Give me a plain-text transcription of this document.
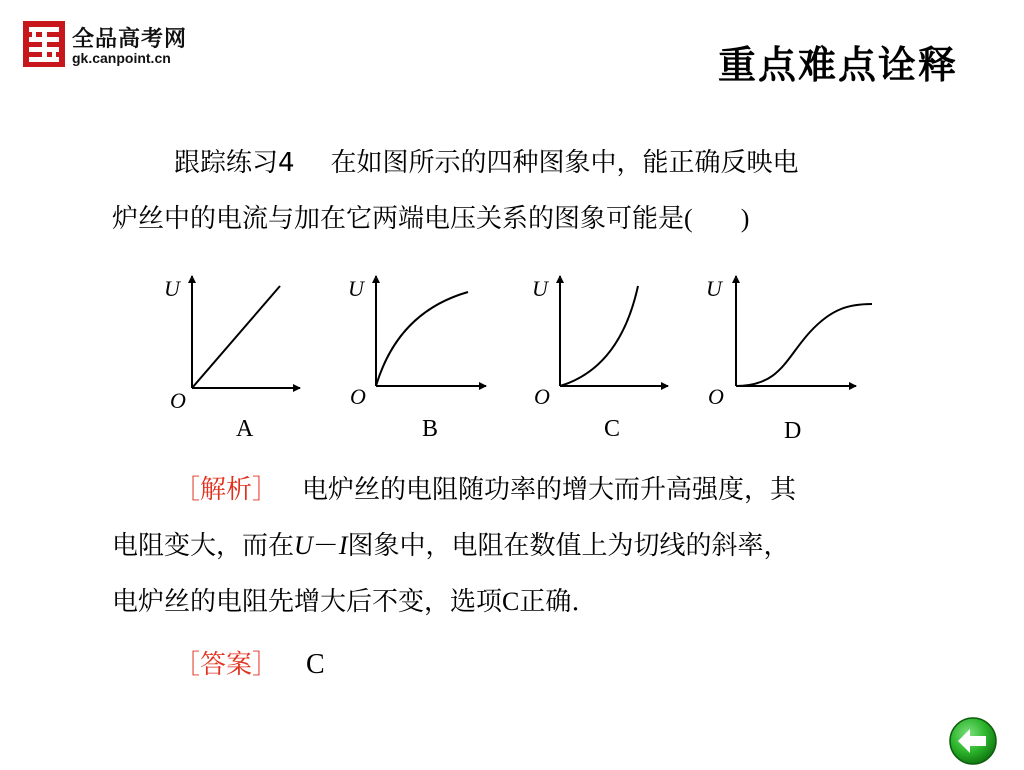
全品高考网
gk.canpoint.cn	重点难点诠释
跟踪练习4 在如图所示的四种图象中，能正确反映电
炉丝中的电流与加在它两端电压关系的图象可能是( )
U
O
A
U
O
B
U
O
C
U
O
D
［解析］ 电炉丝的电阻随功率的增大而升高强度，其
电阻变大，而在U－I图象中，电阻在数值上为切线的斜率，
电炉丝的电阻先增大后不变，选项C正确.
［答案］ C
